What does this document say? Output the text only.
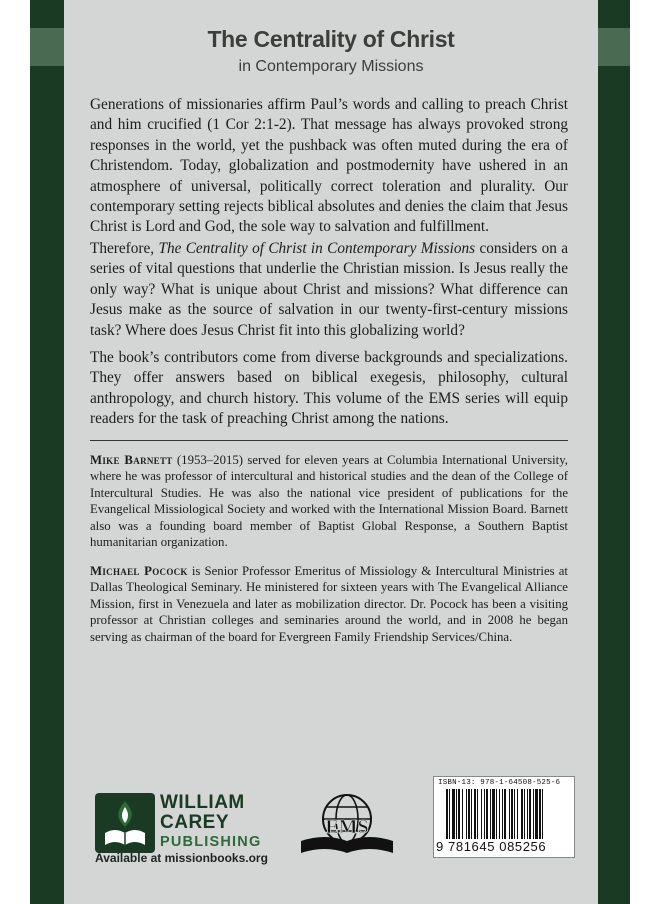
The Centrality of Christ
in Contemporary Missions

Generations of missionaries affirm Paul’s words and calling to preach Christ and him crucified (1 Cor 2:1-2). That message has always provoked strong responses in the world, yet the pushback was often muted during the era of Christendom. Today, globalization and postmodernity have ushered in an atmosphere of universal, politically correct toleration and plurality. Our contemporary setting rejects biblical absolutes and denies the claim that Jesus Christ is Lord and God, the sole way to salvation and fulfillment.

Therefore, The Centrality of Christ in Contemporary Missions considers on a series of vital questions that underlie the Christian mission. Is Jesus really the only way? What is unique about Christ and missions? What difference can Jesus make as the source of salvation in our twenty-first-century missions task? Where does Jesus Christ fit into this globalizing world?

The book’s contributors come from diverse backgrounds and specializations. They offer answers based on biblical exegesis, philosophy, cultural anthropology, and church history. This volume of the EMS series will equip readers for the task of preaching Christ among the nations.

Mike Barnett (1953–2015) served for eleven years at Columbia International University, where he was professor of intercultural and historical studies and the dean of the College of Intercultural Studies. He was also the national vice president of publications for the Evangelical Missiological Society and worked with the International Mission Board. Barnett also was a founding board member of Baptist Global Response, a Southern Baptist humanitarian organization.

Michael Pocock is Senior Professor Emeritus of Missiology & Intercultural Ministries at Dallas Theological Seminary. He ministered for sixteen years with The Evangelical Alliance Mission, first in Venezuela and later as mobilization director. Dr. Pocock has been a visiting professor at Christian colleges and seminaries around the world, and in 2008 he began serving as chairman of the board for Evergreen Family Friendship Services/China.

WILLIAM
CAREY
PUBLISHING
Available at missionbooks.org
EMS
ISBN-13: 978-1-64508-525-6
9 781645 085256
